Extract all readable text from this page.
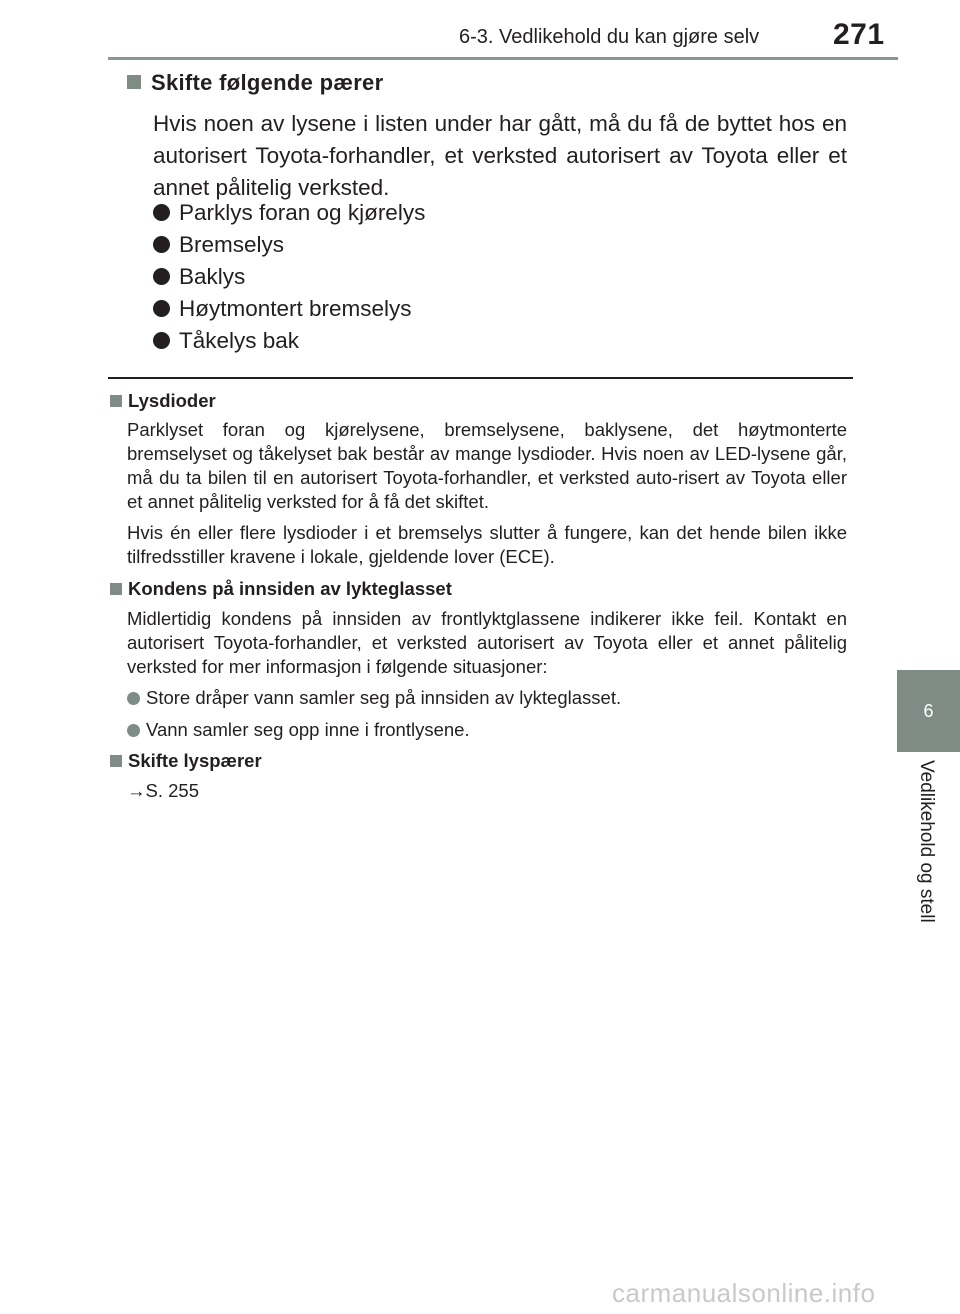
6-3. Vedlikehold du kan gjøre selv 271
6
Vedlikehold og stell
Skifte følgende pærer
Hvis noen av lysene i listen under har gått, må du få de byttet hos en autorisert Toyota-forhandler, et verksted autorisert av Toyota eller et annet pålitelig verksted.
Parklys foran og kjørelys
Bremselys
Baklys
Høytmontert bremselys
Tåkelys bak
Lysdioder
Parklyset foran og kjørelysene, bremselysene, baklysene, det høytmonterte bremselyset og tåkelyset bak består av mange lysdioder. Hvis noen av LED-lysene går, må du ta bilen til en autorisert Toyota-forhandler, et verksted auto-risert av Toyota eller et annet pålitelig verksted for å få det skiftet.
Hvis én eller flere lysdioder i et bremselys slutter å fungere, kan det hende bilen ikke tilfredsstiller kravene i lokale, gjeldende lover (ECE).
Kondens på innsiden av lykteglasset
Midlertidig kondens på innsiden av frontlyktglassene indikerer ikke feil. Kontakt en autorisert Toyota-forhandler, et verksted autorisert av Toyota eller et annet pålitelig verksted for mer informasjon i følgende situasjoner:
Store dråper vann samler seg på innsiden av lykteglasset.
Vann samler seg opp inne i frontlysene.
Skifte lyspærer
→S. 255
carmanualsonline.info
